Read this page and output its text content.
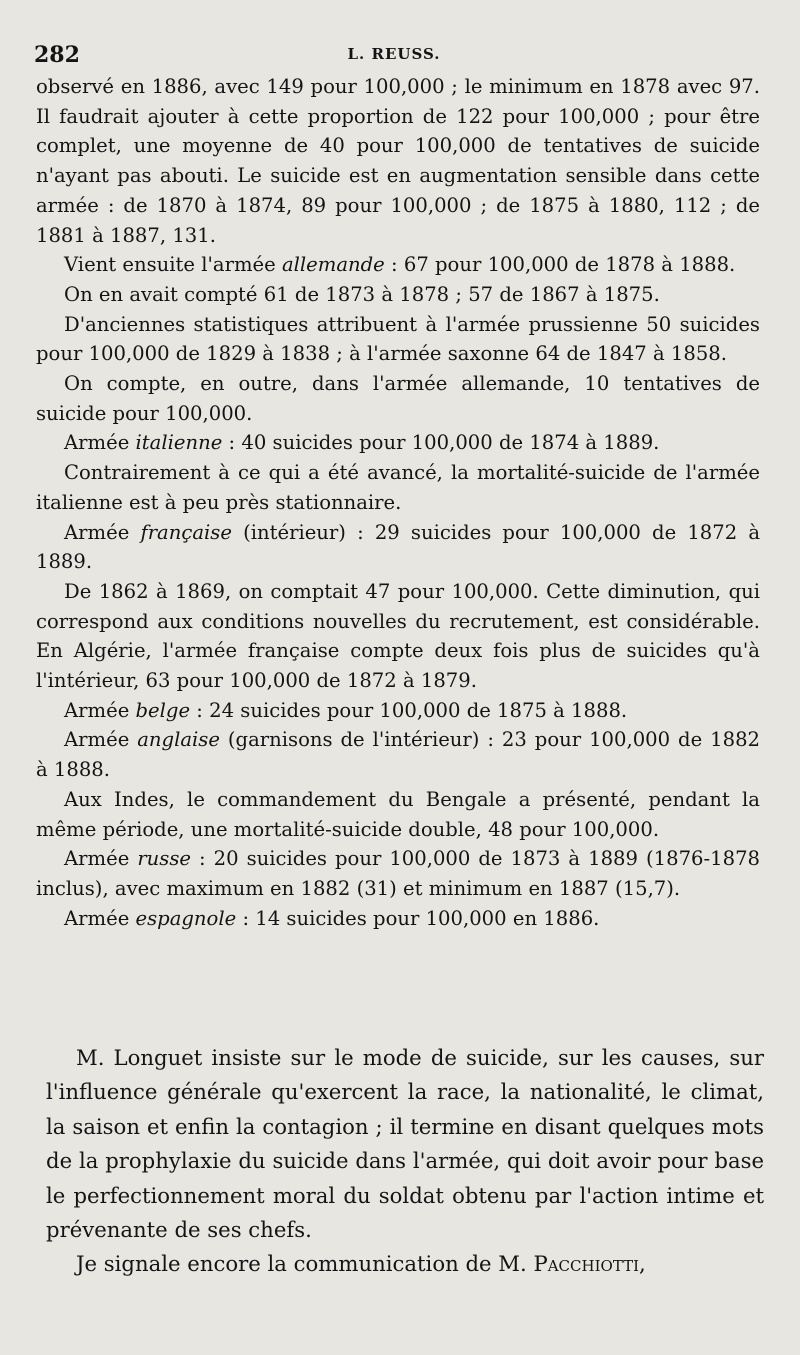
282	L. REUSS.

observé en 1886, avec 149 pour 100,000 ; le minimum en 1878 avec 97. Il faudrait ajouter à cette proportion de 122 pour 100,000 ; pour être complet, une moyenne de 40 pour 100,000 de tentatives de suicide n'ayant pas abouti. Le suicide est en augmentation sensible dans cette armée : de 1870 à 1874, 89 pour 100,000 ; de 1875 à 1880, 112 ; de 1881 à 1887, 131.

Vient ensuite l'armée allemande : 67 pour 100,000 de 1878 à 1888.

On en avait compté 61 de 1873 à 1878 ; 57 de 1867 à 1875.

D'anciennes statistiques attribuent à l'armée prussienne 50 suicides pour 100,000 de 1829 à 1838 ; à l'armée saxonne 64 de 1847 à 1858.

On compte, en outre, dans l'armée allemande, 10 tentatives de suicide pour 100,000.

Armée italienne : 40 suicides pour 100,000 de 1874 à 1889.

Contrairement à ce qui a été avancé, la mortalité-suicide de l'armée italienne est à peu près stationnaire.

Armée française (intérieur) : 29 suicides pour 100,000 de 1872 à 1889.

De 1862 à 1869, on comptait 47 pour 100,000. Cette diminution, qui correspond aux conditions nouvelles du recrutement, est considérable. En Algérie, l'armée française compte deux fois plus de suicides qu'à l'intérieur, 63 pour 100,000 de 1872 à 1879.

Armée belge : 24 suicides pour 100,000 de 1875 à 1888.

Armée anglaise (garnisons de l'intérieur) : 23 pour 100,000 de 1882 à 1888.

Aux Indes, le commandement du Bengale a présenté, pendant la même période, une mortalité-suicide double, 48 pour 100,000.

Armée russe : 20 suicides pour 100,000 de 1873 à 1889 (1876-1878 inclus), avec maximum en 1882 (31) et minimum en 1887 (15,7).

Armée espagnole : 14 suicides pour 100,000 en 1886.

M. Longuet insiste sur le mode de suicide, sur les causes, sur l'influence générale qu'exercent la race, la nationalité, le climat, la saison et enfin la contagion ; il termine en disant quelques mots de la prophylaxie du suicide dans l'armée, qui doit avoir pour base le perfectionnement moral du soldat obtenu par l'action intime et prévenante de ses chefs.

Je signale encore la communication de M. Pacchiotti,
